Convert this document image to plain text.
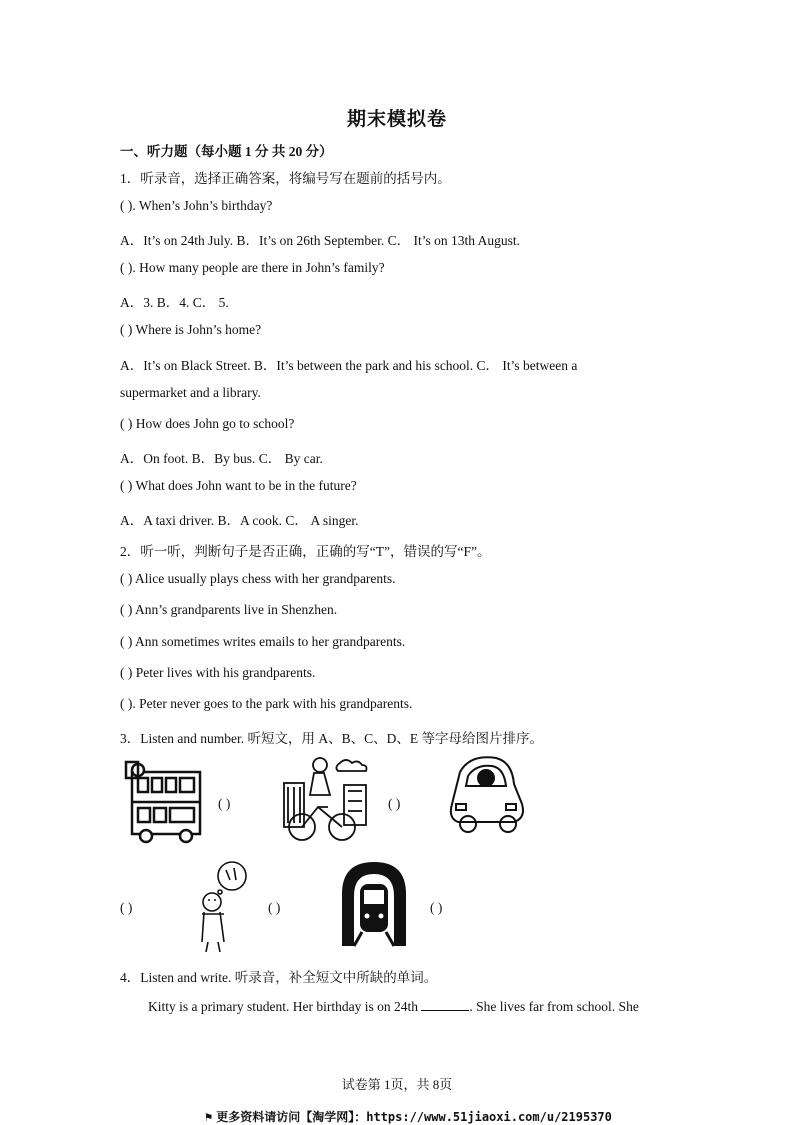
期末模拟卷
一、听力题（每小题 1 分 共 20 分）
1．听录音，选择正确答案，将编号写在题前的括号内。
( ). When’s John’s birthday?
A．It’s on 24th July. B．It’s on 26th September. C． It’s on 13th August.
( ). How many people are there in John’s family?
A．3. B．4. C． 5.
( ) Where is John’s home?
A．It’s on Black Street. B．It’s between the park and his school. C． It’s between a
supermarket and a library.
( ) How does John go to school?
A．On foot. B．By bus. C． By car.
( ) What does John want to be in the future?
A．A taxi driver. B．A cook. C． A singer.
2．听一听，判断句子是否正确，正确的写“T”，错误的写“F”。
( ) Alice usually plays chess with her grandparents.
( ) Ann’s grandparents live in Shenzhen.
( ) Ann sometimes writes emails to her grandparents.
( ) Peter lives with his grandparents.
( ). Peter never goes to the park with his grandparents.
3．Listen and number. 听短文，用 A、B、C、D、E 等字母给图片排序。
( )	( )
( )	( )	( )
4．Listen and write. 听录音，补全短文中所缺的单词。
Kitty is a primary student. Her birthday is on 24th	. She lives far from school. She
试卷第 1页，共 8页
⚑ 更多资料请访问【淘学网】：https://www.51jiaoxi.com/u/2195370
